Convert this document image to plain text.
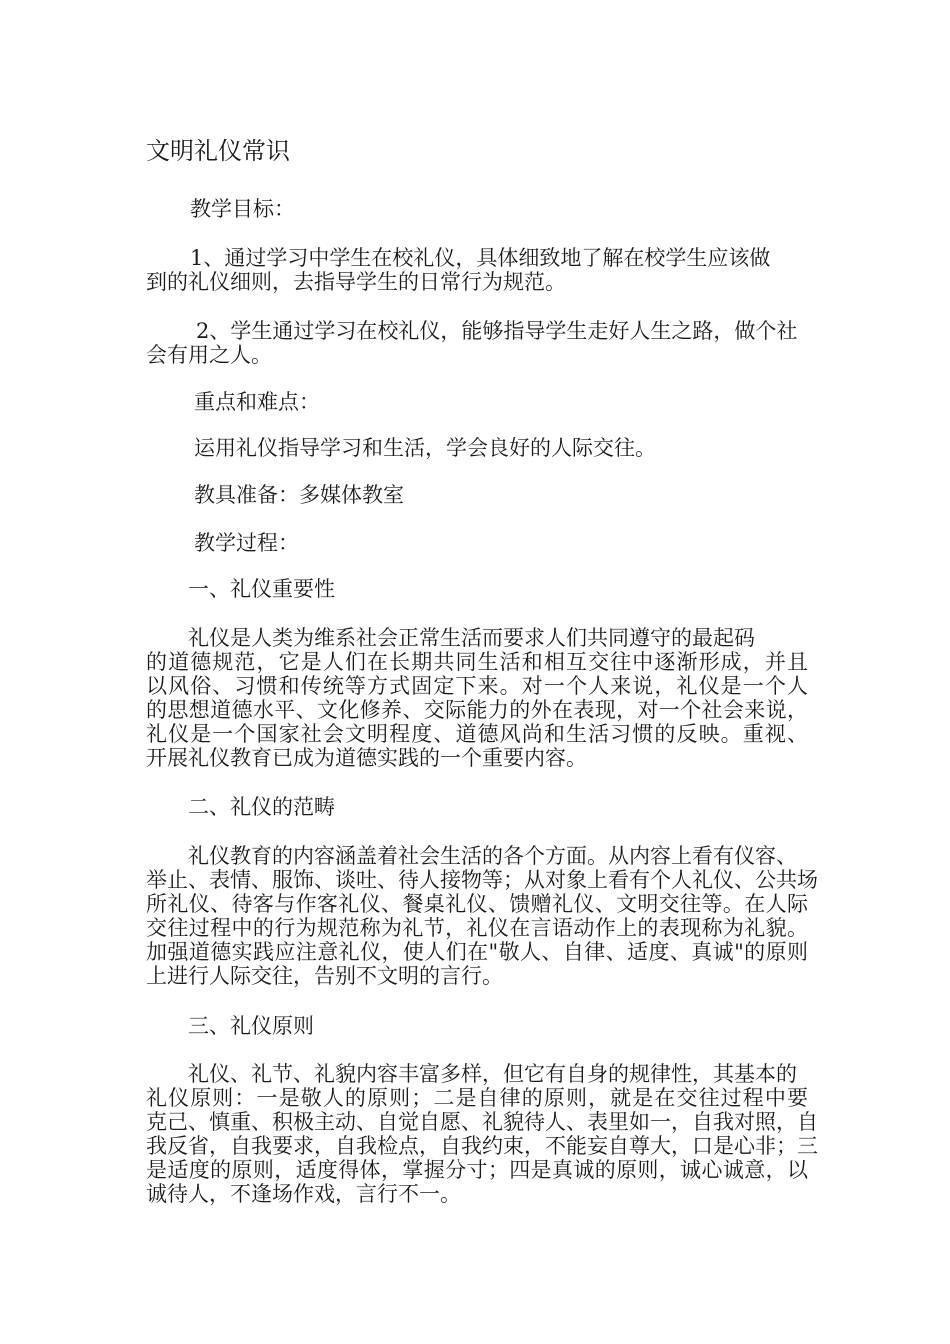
文明礼仪常识
教学目标：
1、通过学习中学生在校礼仪，具体细致地了解在校学生应该做
到的礼仪细则，去指导学生的日常行为规范。
2、学生通过学习在校礼仪，能够指导学生走好人生之路，做个社
会有用之人。
重点和难点：
运用礼仪指导学习和生活，学会良好的人际交往。
教具准备：多媒体教室
教学过程：
一、礼仪重要性
礼仪是人类为维系社会正常生活而要求人们共同遵守的最起码
的道德规范，它是人们在长期共同生活和相互交往中逐渐形成，并且
以风俗、习惯和传统等方式固定下来。对一个人来说，礼仪是一个人
的思想道德水平、文化修养、交际能力的外在表现，对一个社会来说，
礼仪是一个国家社会文明程度、道德风尚和生活习惯的反映。重视、
开展礼仪教育已成为道德实践的一个重要内容。
二、礼仪的范畴
礼仪教育的内容涵盖着社会生活的各个方面。从内容上看有仪容、
举止、表情、服饰、谈吐、待人接物等；从对象上看有个人礼仪、公共场
所礼仪、待客与作客礼仪、餐桌礼仪、馈赠礼仪、文明交往等。在人际
交往过程中的行为规范称为礼节，礼仪在言语动作上的表现称为礼貌。
加强道德实践应注意礼仪，使人们在"敬人、自律、适度、真诚"的原则
上进行人际交往，告别不文明的言行。
三、礼仪原则
礼仪、礼节、礼貌内容丰富多样，但它有自身的规律性，其基本的
礼仪原则：一是敬人的原则；二是自律的原则，就是在交往过程中要
克己、慎重、积极主动、自觉自愿、礼貌待人、表里如一，自我对照，自
我反省，自我要求，自我检点，自我约束，不能妄自尊大，口是心非；三
是适度的原则，适度得体，掌握分寸；四是真诚的原则，诚心诚意，以
诚待人，不逢场作戏，言行不一。
